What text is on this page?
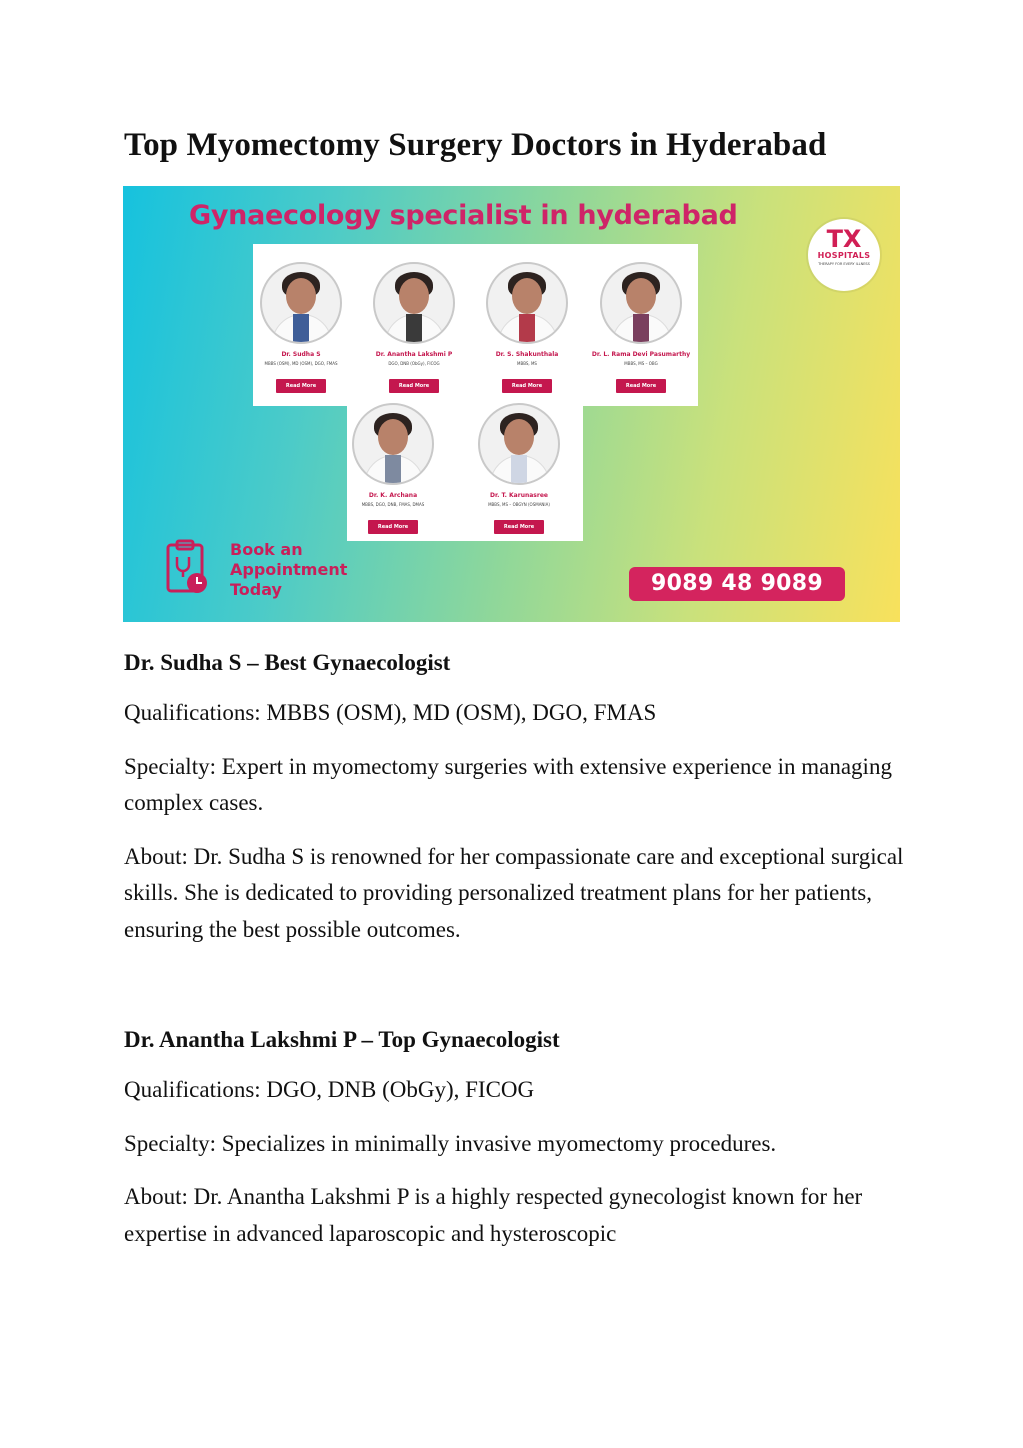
Top Myomectomy Surgery Doctors in Hyderabad
Gynaecology specialist in hyderabad
TX
HOSPITALS
THERAPY FOR EVERY ILLNESS
Dr. Sudha S
MBBS (OSM), MD (OSM), DGO, FMAS
Read More
Dr. Anantha Lakshmi P
DGO, DNB (ObGy), FICOG
Read More
Dr. S. Shakunthala
MBBS, MS
Read More
Dr. L. Rama Devi Pasumarthy
MBBS, MS – OBG
Read More
Dr. K. Archana
MBBS, DGO, DNB, FMAS, DMAS
Read More
Dr. T. Karunasree
MBBS, MS – OBGYN (OSMANIA)
Read More
Book an
Appointment
Today	9089 48 9089
Dr. Sudha S – Best Gynaecologist

Qualifications: MBBS (OSM), MD (OSM), DGO, FMAS

Specialty: Expert in myomectomy surgeries with extensive experience in managing complex cases.

About: Dr. Sudha S is renowned for her compassionate care and exceptional surgical skills. She is dedicated to providing personalized treatment plans for her patients, ensuring the best possible outcomes.

Dr. Anantha Lakshmi P – Top Gynaecologist

Qualifications: DGO, DNB (ObGy), FICOG

Specialty: Specializes in minimally invasive myomectomy procedures.

About: Dr. Anantha Lakshmi P is a highly respected gynecologist known for her expertise in advanced laparoscopic and hysteroscopic
